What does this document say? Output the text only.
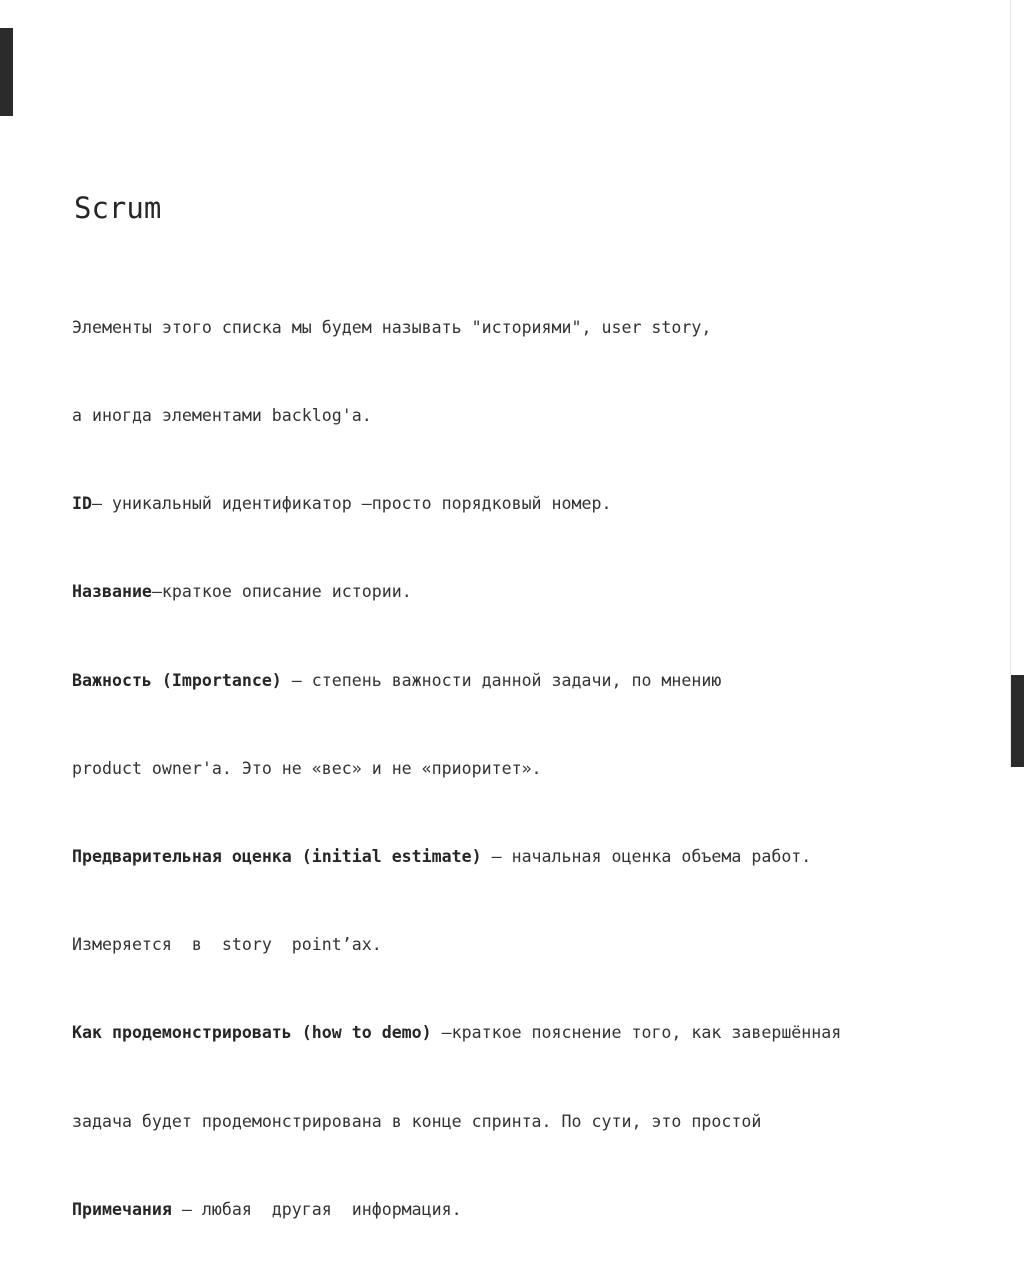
Scrum

Элементы этого списка мы будем называть "историями", user story,

а иногда элементами backlog'а.

ID– уникальный идентификатор –просто порядковый номер.

Название–краткое описание истории.

Важность (Importance) – степень важности данной задачи, по мнению

product owner'а. Это не «вес» и не «приоритет».

Предварительная оценка (initial estimate) – начальная оценка объема работ.

Измеряется  в  story  point’ах.

Как продемонстрировать (how to demo) –краткое пояснение того, как завершённая

задача будет продемонстрирована в конце спринта. По сути, это простой

Примечания – любая  другая  информация.
